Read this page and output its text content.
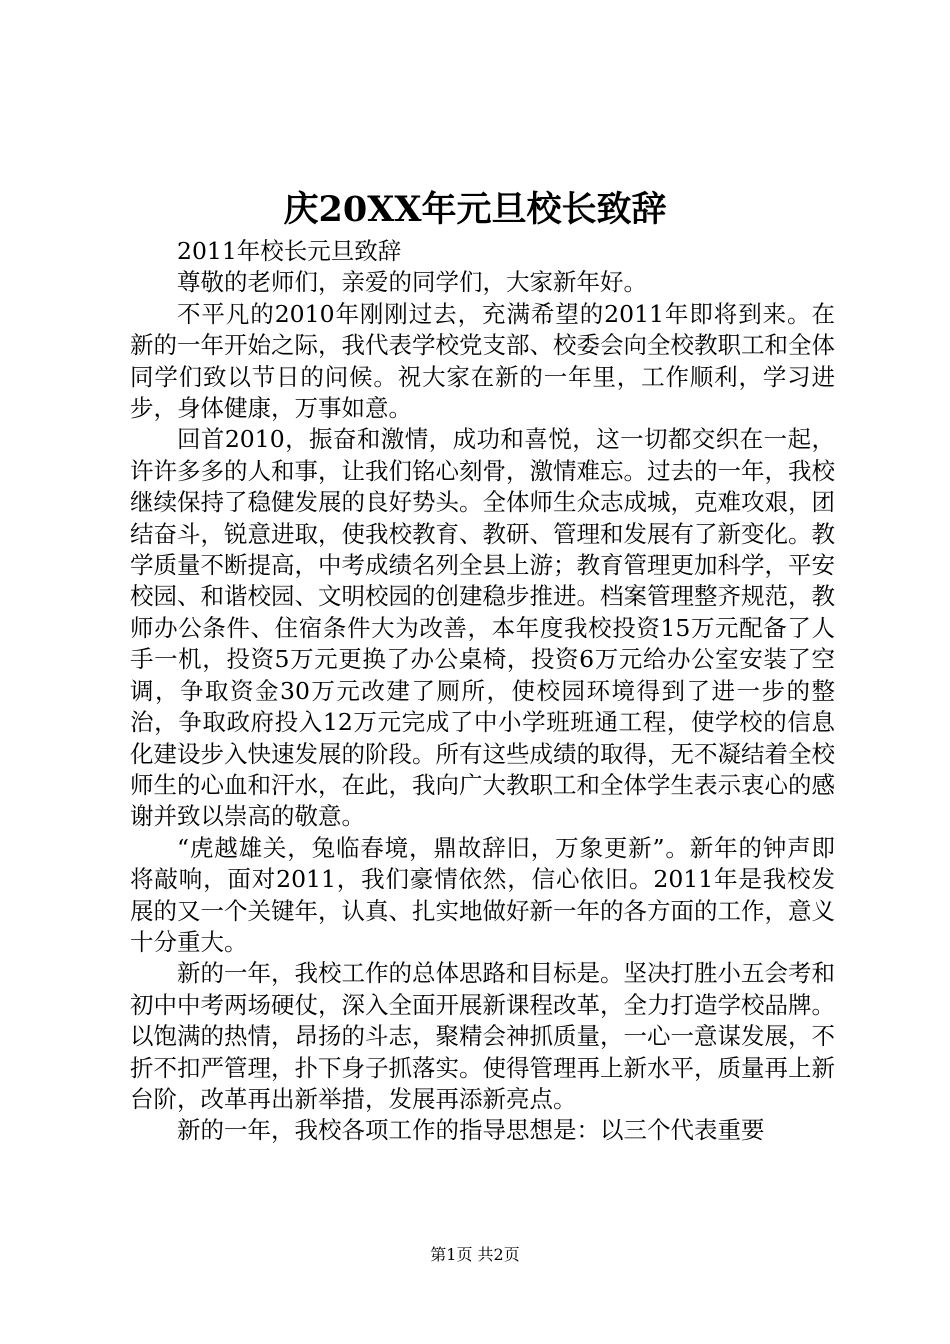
庆20XX年元旦校长致辞

2011年校长元旦致辞

尊敬的老师们，亲爱的同学们，大家新年好。

不平凡的2010年刚刚过去，充满希望的2011年即将到来。在新的一年开始之际，我代表学校党支部、校委会向全校教职工和全体同学们致以节日的问候。祝大家在新的一年里，工作顺利，学习进步，身体健康，万事如意。

回首2010，振奋和激情，成功和喜悦，这一切都交织在一起，许许多多的人和事，让我们铭心刻骨，激情难忘。过去的一年，我校继续保持了稳健发展的良好势头。全体师生众志成城，克难攻艰，团结奋斗，锐意进取，使我校教育、教研、管理和发展有了新变化。教学质量不断提高，中考成绩名列全县上游；教育管理更加科学，平安校园、和谐校园、文明校园的创建稳步推进。档案管理整齐规范，教师办公条件、住宿条件大为改善，本年度我校投资15万元配备了人手一机，投资5万元更换了办公桌椅，投资6万元给办公室安装了空调，争取资金30万元改建了厕所，使校园环境得到了进一步的整治，争取政府投入12万元完成了中小学班班通工程，使学校的信息化建设步入快速发展的阶段。所有这些成绩的取得，无不凝结着全校师生的心血和汗水，在此，我向广大教职工和全体学生表示衷心的感谢并致以崇高的敬意。

“虎越雄关，兔临春境，鼎故辞旧，万象更新”。新年的钟声即将敲响，面对2011，我们豪情依然，信心依旧。2011年是我校发展的又一个关键年，认真、扎实地做好新一年的各方面的工作，意义十分重大。

新的一年，我校工作的总体思路和目标是。坚决打胜小五会考和初中中考两场硬仗，深入全面开展新课程改革，全力打造学校品牌。以饱满的热情，昂扬的斗志，聚精会神抓质量，一心一意谋发展，不折不扣严管理，扑下身子抓落实。使得管理再上新水平，质量再上新台阶，改革再出新举措，发展再添新亮点。

新的一年，我校各项工作的指导思想是：以三个代表重要

第1页 共2页
